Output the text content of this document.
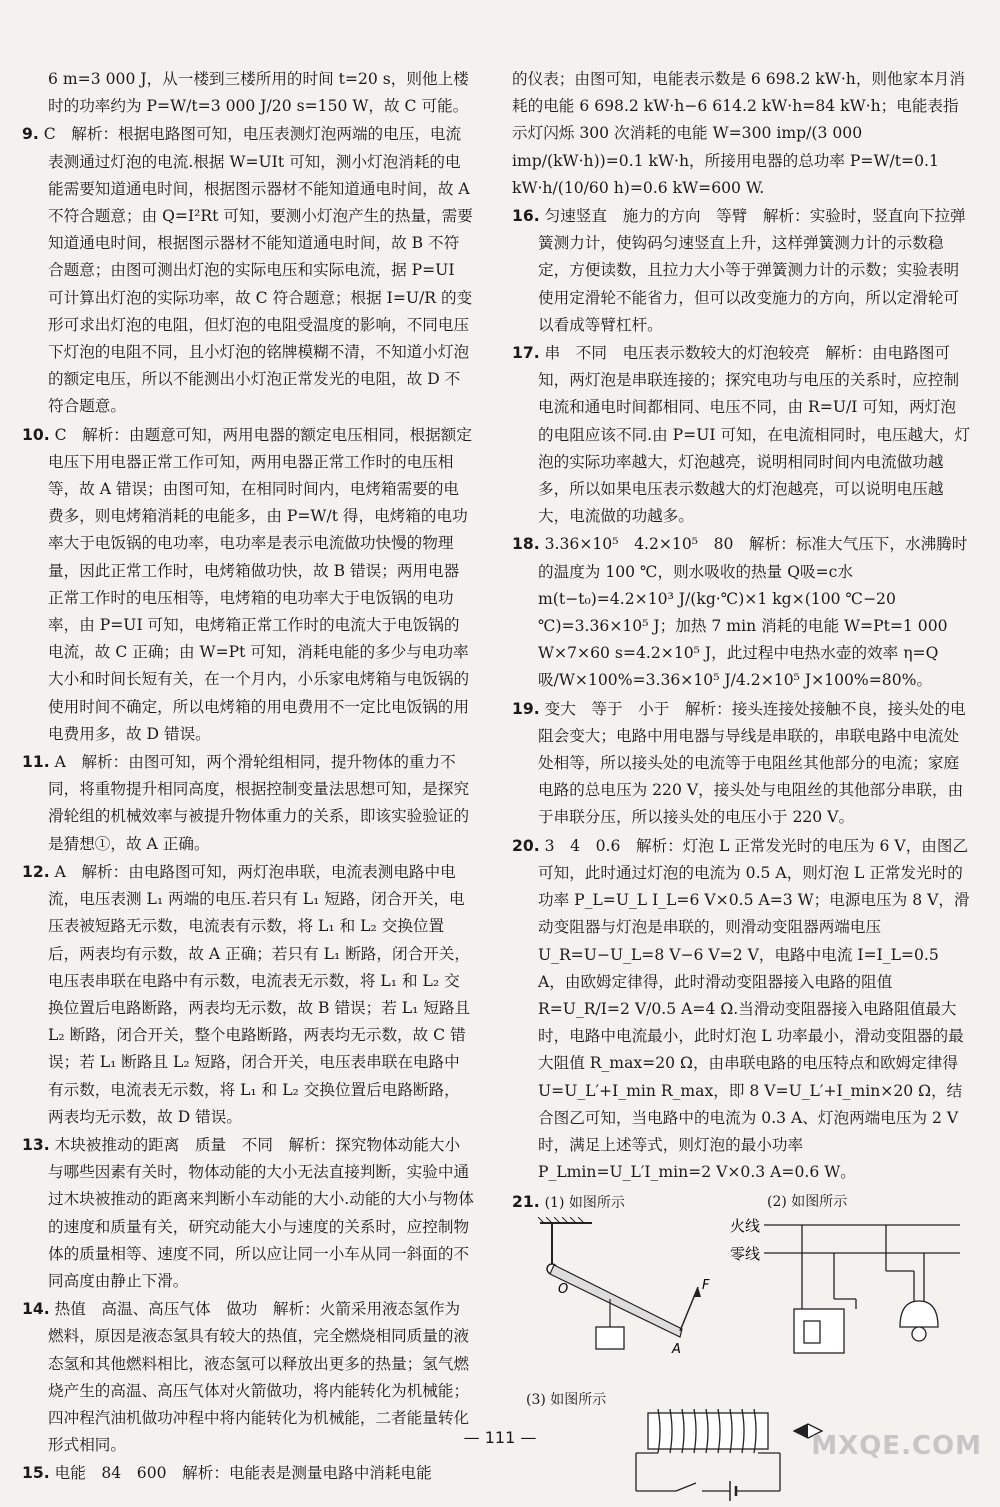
6 m=3 000 J，从一楼到三楼所用的时间 t=20 s，则他上楼时的功率约为 P=W/t=3 000 J/20 s=150 W，故 C 可能。

9. C　解析：根据电路图可知，电压表测灯泡两端的电压，电流表测通过灯泡的电流.根据 W=UIt 可知，测小灯泡消耗的电能需要知道通电时间，根据图示器材不能知道通电时间，故 A 不符合题意；由 Q=I²Rt 可知，要测小灯泡产生的热量，需要知道通电时间，根据图示器材不能知道通电时间，故 B 不符合题意；由图可测出灯泡的实际电压和实际电流，据 P=UI 可计算出灯泡的实际功率，故 C 符合题意；根据 I=U/R 的变形可求出灯泡的电阻，但灯泡的电阻受温度的影响，不同电压下灯泡的电阻不同，且小灯泡的铭牌模糊不清，不知道小灯泡的额定电压，所以不能测出小灯泡正常发光的电阻，故 D 不符合题意。

10. C　解析：由题意可知，两用电器的额定电压相同，根据额定电压下用电器正常工作可知，两用电器正常工作时的电压相等，故 A 错误；由图可知，在相同时间内，电烤箱需要的电费多，则电烤箱消耗的电能多，由 P=W/t 得，电烤箱的电功率大于电饭锅的电功率，电功率是表示电流做功快慢的物理量，因此正常工作时，电烤箱做功快，故 B 错误；两用电器正常工作时的电压相等，电烤箱的电功率大于电饭锅的电功率，由 P=UI 可知，电烤箱正常工作时的电流大于电饭锅的电流，故 C 正确；由 W=Pt 可知，消耗电能的多少与电功率大小和时间长短有关，在一个月内，小乐家电烤箱与电饭锅的使用时间不确定，所以电烤箱的用电费用不一定比电饭锅的用电费用多，故 D 错误。

11. A　解析：由图可知，两个滑轮组相同，提升物体的重力不同，将重物提升相同高度，根据控制变量法思想可知，是探究滑轮组的机械效率与被提升物体重力的关系，即该实验验证的是猜想①，故 A 正确。

12. A　解析：由电路图可知，两灯泡串联，电流表测电路中电流，电压表测 L₁ 两端的电压.若只有 L₁ 短路，闭合开关，电压表被短路无示数，电流表有示数，将 L₁ 和 L₂ 交换位置后，两表均有示数，故 A 正确；若只有 L₁ 断路，闭合开关，电压表串联在电路中有示数，电流表无示数，将 L₁ 和 L₂ 交换位置后电路断路，两表均无示数，故 B 错误；若 L₁ 短路且 L₂ 断路，闭合开关，整个电路断路，两表均无示数，故 C 错误；若 L₁ 断路且 L₂ 短路，闭合开关，电压表串联在电路中有示数，电流表无示数，将 L₁ 和 L₂ 交换位置后电路断路，两表均无示数，故 D 错误。

13. 木块被推动的距离　质量　不同　解析：探究物体动能大小与哪些因素有关时，物体动能的大小无法直接判断，实验中通过木块被推动的距离来判断小车动能的大小.动能的大小与物体的速度和质量有关，研究动能大小与速度的关系时，应控制物体的质量相等、速度不同，所以应让同一小车从同一斜面的不同高度由静止下滑。

14. 热值　高温、高压气体　做功　解析：火箭采用液态氢作为燃料，原因是液态氢具有较大的热值，完全燃烧相同质量的液态氢和其他燃料相比，液态氢可以释放出更多的热量；氢气燃烧产生的高温、高压气体对火箭做功，将内能转化为机械能；四冲程汽油机做功冲程中将内能转化为机械能，二者能量转化形式相同。

15. 电能　84　600　解析：电能表是测量电路中消耗电能

的仪表；由图可知，电能表示数是 6 698.2 kW·h，则他家本月消耗的电能 6 698.2 kW·h−6 614.2 kW·h=84 kW·h；电能表指示灯闪烁 300 次消耗的电能 W=300 imp/(3 000 imp/(kW·h))=0.1 kW·h，所接用电器的总功率 P=W/t=0.1 kW·h/(10/60 h)=0.6 kW=600 W.

16. 匀速竖直　施力的方向　等臂　解析：实验时，竖直向下拉弹簧测力计，使钩码匀速竖直上升，这样弹簧测力计的示数稳定，方便读数，且拉力大小等于弹簧测力计的示数；实验表明使用定滑轮不能省力，但可以改变施力的方向，所以定滑轮可以看成等臂杠杆。

17. 串　不同　电压表示数较大的灯泡较亮　解析：由电路图可知，两灯泡是串联连接的；探究电功与电压的关系时，应控制电流和通电时间都相同、电压不同，由 R=U/I 可知，两灯泡的电阻应该不同.由 P=UI 可知，在电流相同时，电压越大，灯泡的实际功率越大，灯泡越亮，说明相同时间内电流做功越多，所以如果电压表示数越大的灯泡越亮，可以说明电压越大，电流做的功越多。

18. 3.36×10⁵　4.2×10⁵　80　解析：标准大气压下，水沸腾时的温度为 100 ℃，则水吸收的热量 Q吸=c水m(t−t₀)=4.2×10³ J/(kg·℃)×1 kg×(100 ℃−20 ℃)=3.36×10⁵ J；加热 7 min 消耗的电能 W=Pt=1 000 W×7×60 s=4.2×10⁵ J，此过程中电热水壶的效率 η=Q吸/W×100%=3.36×10⁵ J/4.2×10⁵ J×100%=80%。

19. 变大　等于　小于　解析：接头连接处接触不良，接头处的电阻会变大；电路中用电器与导线是串联的，串联电路中电流处处相等，所以接头处的电流等于电阻丝其他部分的电流；家庭电路的总电压为 220 V，接头处与电阻丝的其他部分串联，由于串联分压，所以接头处的电压小于 220 V。

20. 3　4　0.6　解析：灯泡 L 正常发光时的电压为 6 V，由图乙可知，此时通过灯泡的电流为 0.5 A，则灯泡 L 正常发光时的功率 P_L=U_L I_L=6 V×0.5 A=3 W；电源电压为 8 V，滑动变阻器与灯泡是串联的，则滑动变阻器两端电压 U_R=U−U_L=8 V−6 V=2 V，电路中电流 I=I_L=0.5 A，由欧姆定律得，此时滑动变阻器接入电路的阻值 R=U_R/I=2 V/0.5 A=4 Ω.当滑动变阻器接入电路阻值最大时，电路中电流最小，此时灯泡 L 功率最小，滑动变阻器的最大阻值 R_max=20 Ω，由串联电路的电压特点和欧姆定律得 U=U_L′+I_min R_max，即 8 V=U_L′+I_min×20 Ω，结合图乙可知，当电路中的电流为 0.3 A、灯泡两端电压为 2 V 时，满足上述等式，则灯泡的最小功率 P_Lmin=U_L′I_min=2 V×0.3 A=0.6 W。

21. (1) 如图所示	(2) 如图所示
O
A
F
火线
零线
(3) 如图所示
— 111 —	MXQE.COM
